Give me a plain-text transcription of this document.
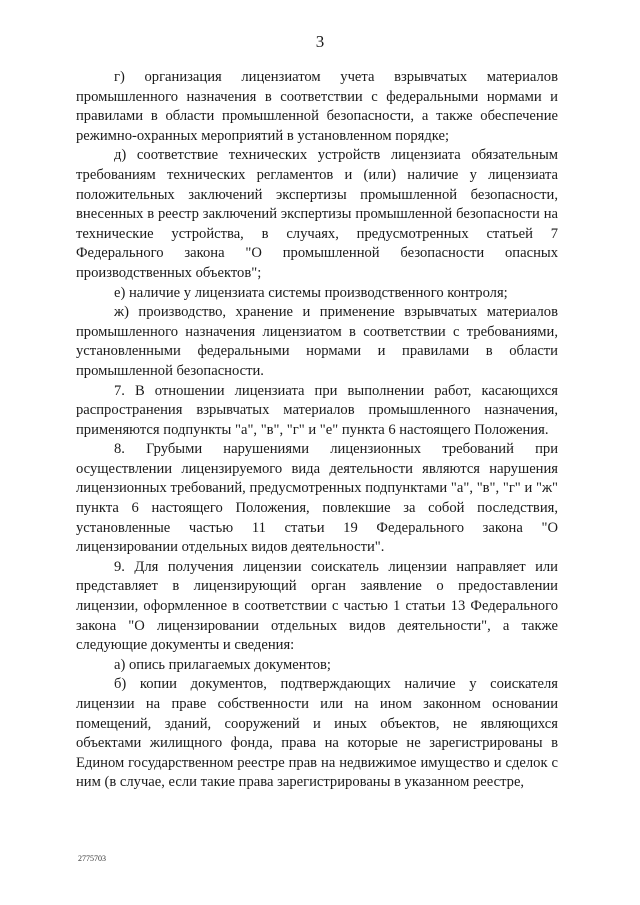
3

г) организация лицензиатом учета взрывчатых материалов промышленного назначения в соответствии с федеральными нормами и правилами в области промышленной безопасности, а также обеспечение режимно-охранных мероприятий в установленном порядке;

д) соответствие технических устройств лицензиата обязательным требованиям технических регламентов и (или) наличие у лицензиата положительных заключений экспертизы промышленной безопасности, внесенных в реестр заключений экспертизы промышленной безопасности на технические устройства, в случаях, предусмотренных статьей 7 Федерального закона "О промышленной безопасности опасных производственных объектов";

е) наличие у лицензиата системы производственного контроля;

ж) производство, хранение и применение взрывчатых материалов промышленного назначения лицензиатом в соответствии с требованиями, установленными федеральными нормами и правилами в области промышленной безопасности.

7. В отношении лицензиата при выполнении работ, касающихся распространения взрывчатых материалов промышленного назначения, применяются подпункты "а", "в", "г" и "е" пункта 6 настоящего Положения.

8. Грубыми нарушениями лицензионных требований при осуществлении лицензируемого вида деятельности являются нарушения лицензионных требований, предусмотренных подпунктами "а", "в", "г" и "ж" пункта 6 настоящего Положения, повлекшие за собой последствия, установленные частью 11 статьи 19 Федерального закона "О лицензировании отдельных видов деятельности".

9. Для получения лицензии соискатель лицензии направляет или представляет в лицензирующий орган заявление о предоставлении лицензии, оформленное в соответствии с частью 1 статьи 13 Федерального закона "О лицензировании отдельных видов деятельности", а также следующие документы и сведения:

а) опись прилагаемых документов;

б) копии документов, подтверждающих наличие у соискателя лицензии на праве собственности или на ином законном основании помещений, зданий, сооружений и иных объектов, не являющихся объектами жилищного фонда, права на которые не зарегистрированы в Едином государственном реестре прав на недвижимое имущество и сделок с ним (в случае, если такие права зарегистрированы в указанном реестре,

2775703
